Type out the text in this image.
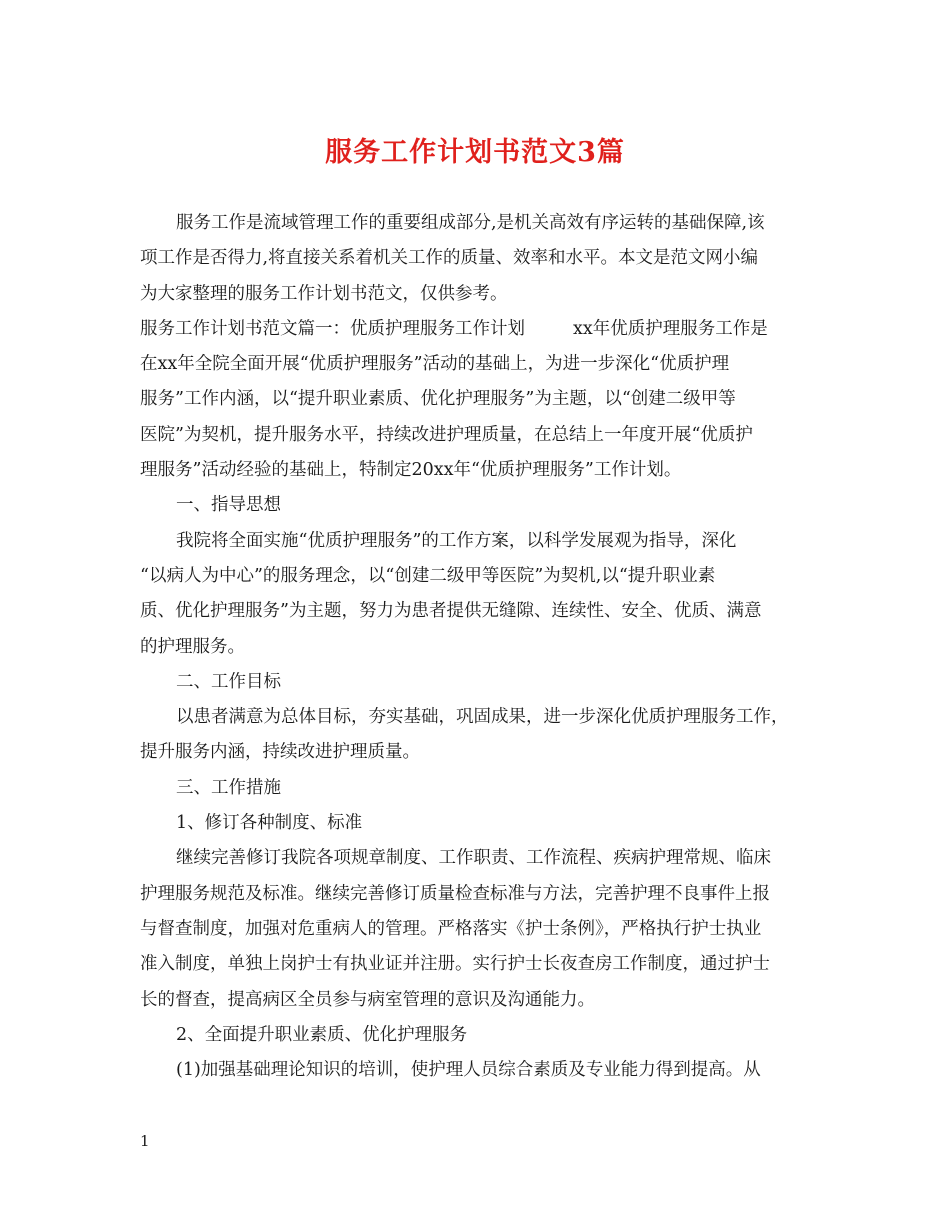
服务工作计划书范文3篇
服务工作是流域管理工作的重要组成部分,是机关高效有序运转的基础保障,该
项工作是否得力,将直接关系着机关工作的质量、效率和水平。本文是范文网小编
为大家整理的服务工作计划书范文，仅供参考。
服务工作计划书范文篇一：优质护理服务工作计划	xx年优质护理服务工作是
在xx年全院全面开展“优质护理服务”活动的基础上，为进一步深化“优质护理
服务”工作内涵，以“提升职业素质、优化护理服务”为主题，以“创建二级甲等
医院”为契机，提升服务水平，持续改进护理质量，在总结上一年度开展“优质护
理服务”活动经验的基础上，特制定20xx年“优质护理服务”工作计划。
一、指导思想
我院将全面实施“优质护理服务”的工作方案，以科学发展观为指导，深化
“以病人为中心”的服务理念，以“创建二级甲等医院”为契机,以“提升职业素
质、优化护理服务”为主题，努力为患者提供无缝隙、连续性、安全、优质、满意
的护理服务。
二、工作目标
以患者满意为总体目标，夯实基础，巩固成果，进一步深化优质护理服务工作，
提升服务内涵，持续改进护理质量。
三、工作措施
1、修订各种制度、标准
继续完善修订我院各项规章制度、工作职责、工作流程、疾病护理常规、临床
护理服务规范及标准。继续完善修订质量检查标准与方法，完善护理不良事件上报
与督查制度，加强对危重病人的管理。严格落实《护士条例》，严格执行护士执业
准入制度，单独上岗护士有执业证并注册。实行护士长夜查房工作制度，通过护士
长的督查，提高病区全员参与病室管理的意识及沟通能力。
2、全面提升职业素质、优化护理服务
(1)加强基础理论知识的培训，使护理人员综合素质及专业能力得到提高。从

1
